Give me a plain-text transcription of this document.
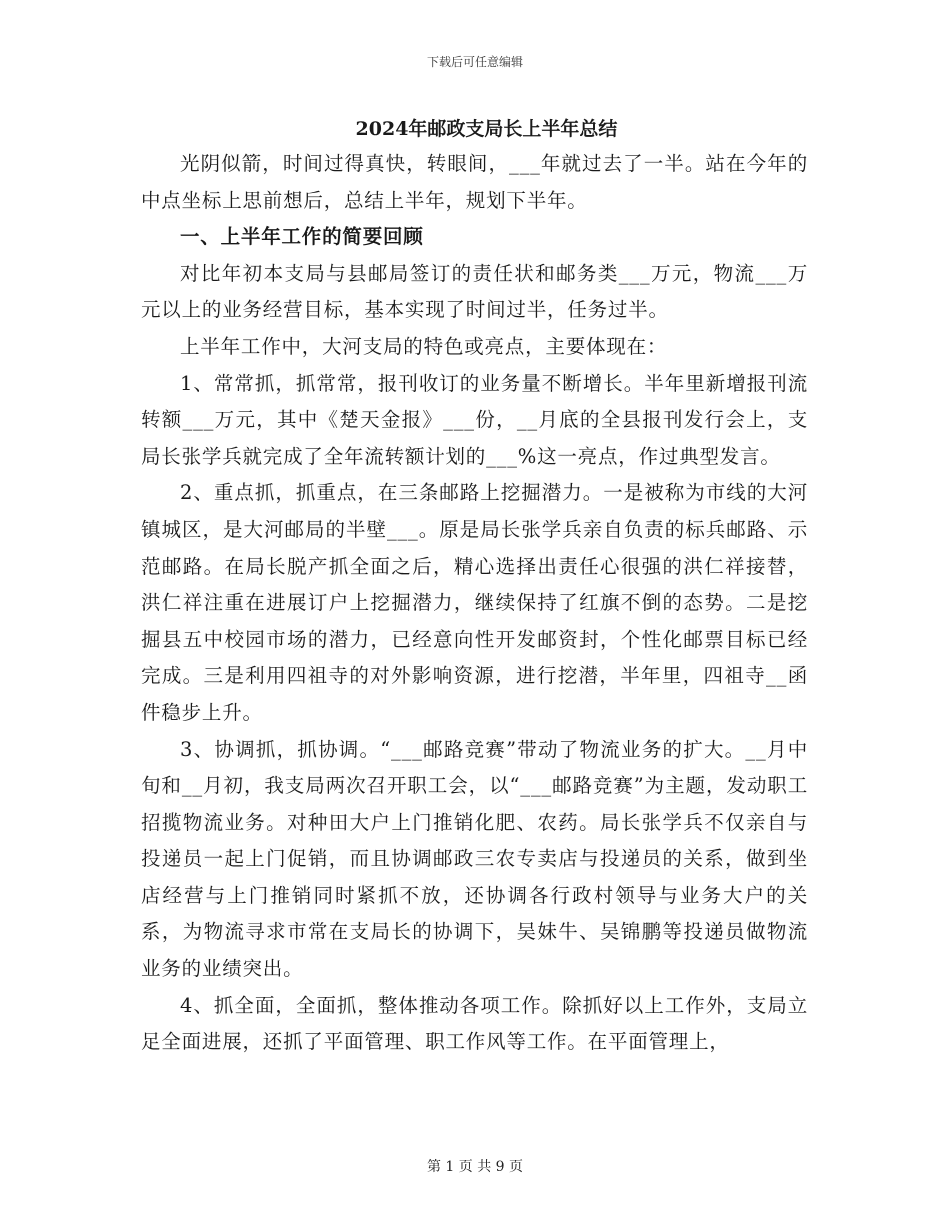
下载后可任意编辑
2024年邮政支局长上半年总结

光阴似箭，时间过得真快，转眼间，___年就过去了一半。站在今年的中点坐标上思前想后，总结上半年，规划下半年。

一、上半年工作的简要回顾

对比年初本支局与县邮局签订的责任状和邮务类___万元，物流___万元以上的业务经营目标，基本实现了时间过半，任务过半。

上半年工作中，大河支局的特色或亮点，主要体现在：

1、常常抓，抓常常，报刊收订的业务量不断增长。半年里新增报刊流转额___万元，其中《楚天金报》___份，__月底的全县报刊发行会上，支局长张学兵就完成了全年流转额计划的___%这一亮点，作过典型发言。

2、重点抓，抓重点，在三条邮路上挖掘潜力。一是被称为市线的大河镇城区，是大河邮局的半壁___。原是局长张学兵亲自负责的标兵邮路、示范邮路。在局长脱产抓全面之后，精心选择出责任心很强的洪仁祥接替，洪仁祥注重在进展订户上挖掘潜力，继续保持了红旗不倒的态势。二是挖掘县五中校园市场的潜力，已经意向性开发邮资封，个性化邮票目标已经完成。三是利用四祖寺的对外影响资源，进行挖潜，半年里，四祖寺__函件稳步上升。

3、协调抓，抓协调。“___邮路竞赛”带动了物流业务的扩大。__月中旬和__月初，我支局两次召开职工会，以“___邮路竞赛”为主题，发动职工招揽物流业务。对种田大户上门推销化肥、农药。局长张学兵不仅亲自与投递员一起上门促销，而且协调邮政三农专卖店与投递员的关系，做到坐店经营与上门推销同时紧抓不放，还协调各行政村领导与业务大户的关系，为物流寻求市常在支局长的协调下，吴妹牛、吴锦鹏等投递员做物流业务的业绩突出。

4、抓全面，全面抓，整体推动各项工作。除抓好以上工作外，支局立足全面进展，还抓了平面管理、职工作风等工作。在平面管理上，

第 1 页 共 9 页
